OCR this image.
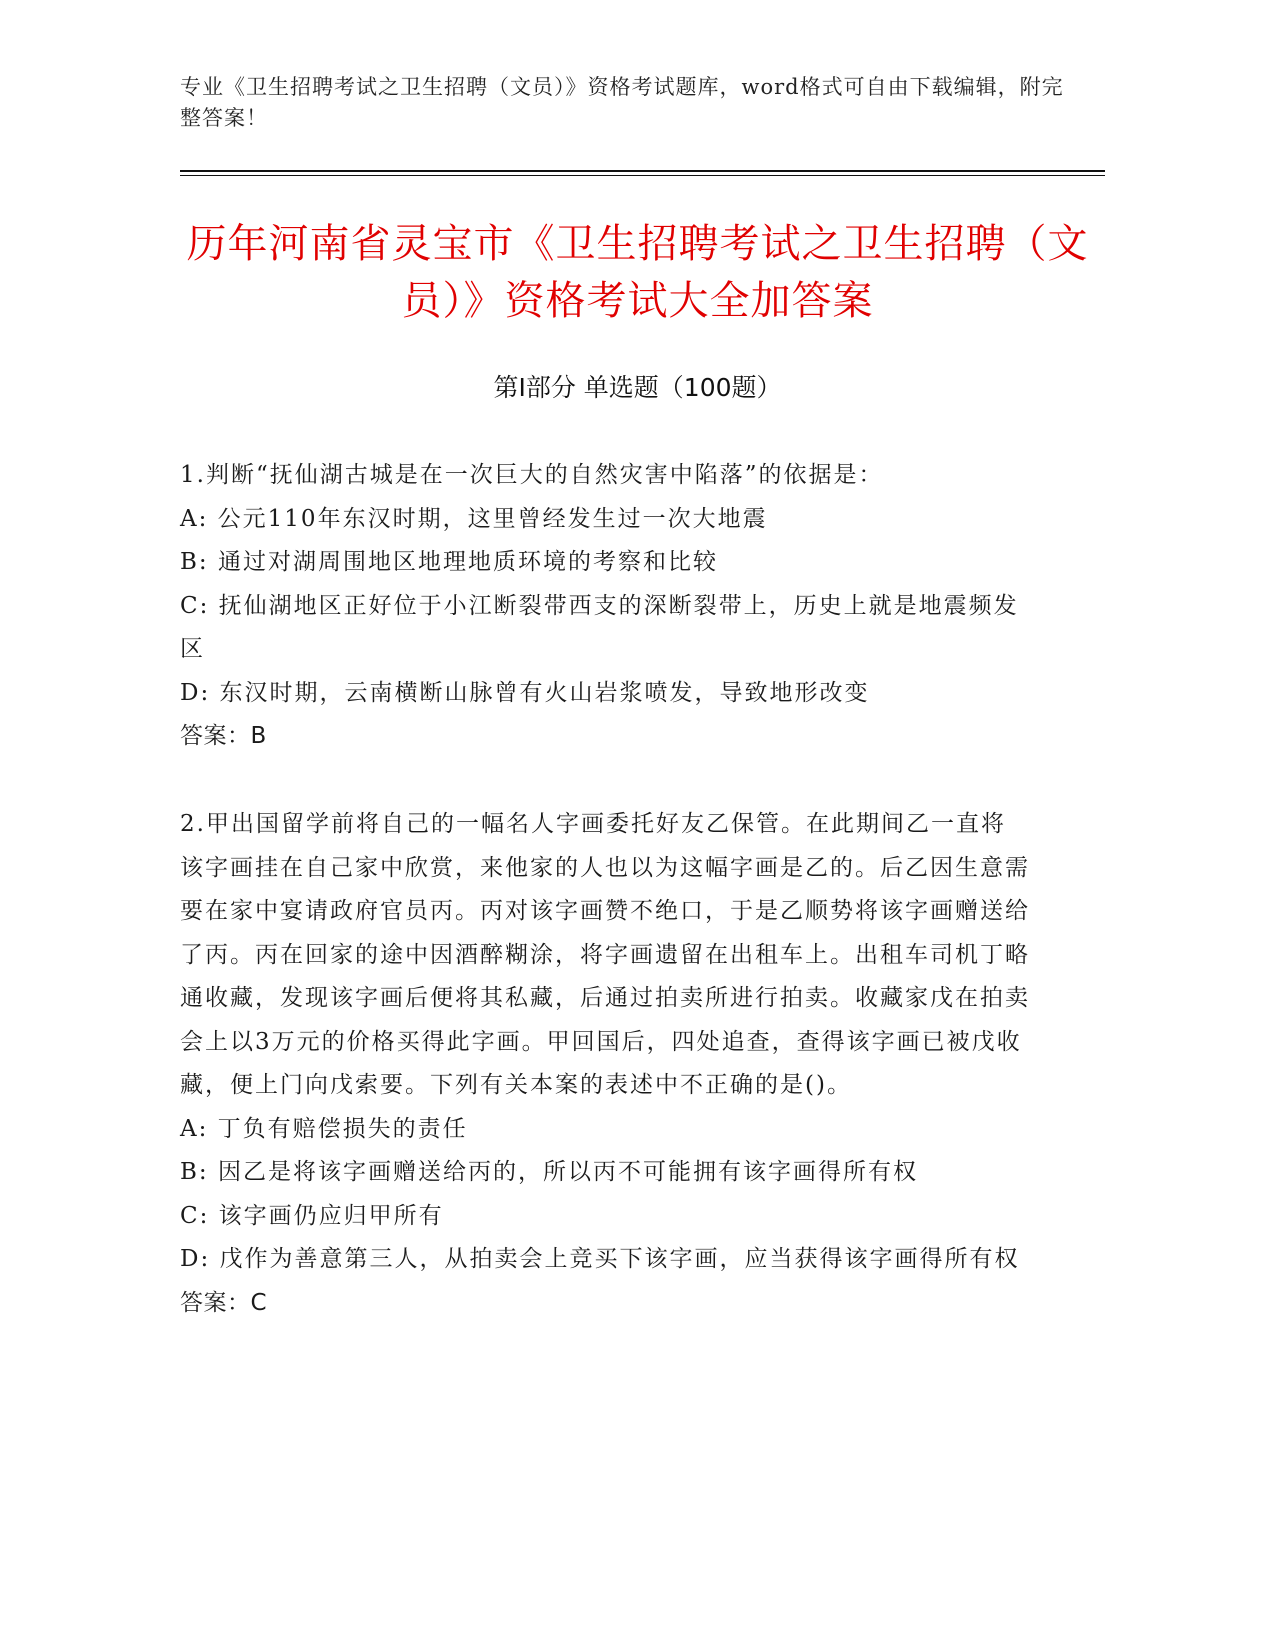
专业《卫生招聘考试之卫生招聘（文员）》资格考试题库，word格式可自由下载编辑，附完整答案！
历年河南省灵宝市《卫生招聘考试之卫生招聘（文员）》资格考试大全加答案
第Ⅰ部分 单选题（100题）

1.判断“抚仙湖古城是在一次巨大的自然灾害中陷落”的依据是：

A: 公元110年东汉时期，这里曾经发生过一次大地震

B: 通过对湖周围地区地理地质环境的考察和比较

C: 抚仙湖地区正好位于小江断裂带西支的深断裂带上，历史上就是地震频发区

D: 东汉时期，云南横断山脉曾有火山岩浆喷发，导致地形改变

答案：B

2.甲出国留学前将自己的一幅名人字画委托好友乙保管。在此期间乙一直将该字画挂在自己家中欣赏，来他家的人也以为这幅字画是乙的。后乙因生意需要在家中宴请政府官员丙。丙对该字画赞不绝口，于是乙顺势将该字画赠送给了丙。丙在回家的途中因酒醉糊涂，将字画遗留在出租车上。出租车司机丁略通收藏，发现该字画后便将其私藏，后通过拍卖所进行拍卖。收藏家戊在拍卖会上以3万元的价格买得此字画。甲回国后，四处追查，查得该字画已被戊收藏，便上门向戊索要。下列有关本案的表述中不正确的是()。

A: 丁负有赔偿损失的责任

B: 因乙是将该字画赠送给丙的，所以丙不可能拥有该字画得所有权

C: 该字画仍应归甲所有

D: 戊作为善意第三人，从拍卖会上竞买下该字画，应当获得该字画得所有权

答案：C
